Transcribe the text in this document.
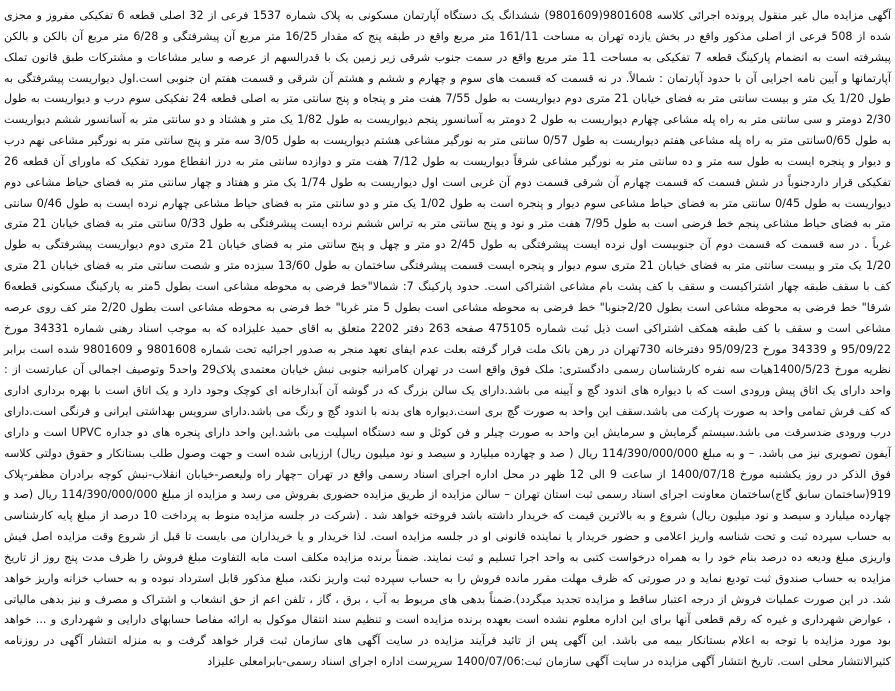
آگهی مزایده مال غیر منقول پرونده اجرائی کلاسه 9801608(9801609) ششدانگ یک دستگاه آپارتمان مسکونی به پلاک شماره 1537 فرعی از 32 اصلی قطعه 6 تفکیکی مفروز و مجزی شده از 508 فرعی از اصلی مذکور واقع در بخش یازده تهران به مساحت 161/11 متر مربع واقع در طبقه پنج که مقدار 16/25 متر مربع آن پیشرفتگی و 6/28 متر مربع آن بالکن و بالکن پیشرفته است به انضمام پارکینگ قطعه 7 تفکیکی به مساحت 11 متر مربع واقع در سمت جنوب شرقی زیر زمین یک با قدرالسهم از عرصه و سایر مشاعات و مشترکات طبق قانون تملک آپارتمانها و آیین نامه اجرایی آن با حدود آپارتمان : شمالاً. در نه قسمت که قسمت های سوم و چهارم و ششم و هشتم آن شرقی و قسمت هفتم ان جنوبی است.اول دیواریست پیشرفتگی به طول 1/20 یک متر و بیست سانتی متر به فضای خیابان 21 متری دوم دیواریست به طول 7/55 هفت متر و پنجاه و پنج سانتی متر به اصلی قطعه 24 تفکیکی سوم درب و دیواریست به طول 2/30 دومتر و سی سانتی متر به راه پله مشاعی چهارم دیواریست به طول 2 دومتر به آسانسور پنجم دیواریست به طول 1/82 یک متر و هشتاد و دو سانتی متر به آسانسور ششم دیواریست به طول 0/65سانتی متر به راه پله مشاعی هفتم دیواریست به طول 0/57 سانتی متر به نورگیر مشاعی هشتم دیواریست به طول 3/05 سه متر و پنج سانتی متر به نورگیر مشاعی نهم درب و دیوار و پنجره ایست به طول سه متر و ده سانتی متر به نورگیر مشاعی شرقاً دیواریست به طول 7/12 هفت متر و دوازده سانتی متر به درز انقطاع مورد تفکیک که ماورای آن قطعه 26 تفکیکی قرار داردجنوباً در شش قسمت که قسمت چهارم آن شرقی قسمت دوم آن غربی است اول دیواریست به طول 1/74 یک متر و هفتاد و چهار سانتی متر به فضای حیاط مشاعی دوم دیواریست به طول 0/45 سانتی متر به فضای حیاط مشاعی سوم دیوار و پنجره است به طول 1/02 یک متر و دو سانتی متر به فضای حیاط مشاعی چهارم نرده ایست به طول 0/46 سانتی متر به فضای حیاط مشاعی پنجم خط فرضی است به طول 7/95 هفت متر و نود و پنج سانتی متر به تراس ششم نرده ایست پیشرفتگی به طول 0/33 سانتی متر به فضای خیابان 21 متری غرباً . در سه قسمت که قسمت دوم آن جنوبیست اول نرده ایست پیشرفتگی به طول 2/45 دو متر و چهل و پنج سانتی متر به فضای خیابان 21 متری دوم دیواریست پیشرفتگی به طول 1/20 یک متر و بیست سانتی متر به فضای خیابان 21 متری سوم دیوار و پنجره ایست قسمت پیشرفتگی ساختمان به طول 13/60 سیزده متر و شصت سانتی متر به فضای خیابان 21 متری کف با سقف طبقه چهار اشتراکیست و سقف با کف پشت بام مشاعی اشتراکی است. حدود پارکینگ 7: شمالا"خط فرضی به محوطه مشاعی است بطول 5متر به پارکینگ مسکونی قطعه6 شرقا" خط فرضی به محوطه مشاعی است بطول 2/20جنوبا" خط فرضی به محوطه مشاعی است بطول 5 متر غربا" خط فرضی به محوطه مشاعی است بطول 2/20 متر کف روی عرصه مشاعی است و سقف با کف طبقه همکف اشتراکی است ذیل ثبت شماره 475105 صفحه 263 دفتر 2202 متعلق به اقای حمید علیزاده که به موجب اسناد رهنی شماره 34331 مورخ 95/09/22 و 34339 مورخ 95/09/23 دفترخانه 730تهران در رهن بانک ملت قرار گرفته بعلت عدم ایفای تعهد منجر به صدور اجرائیه تحت شماره 9801608 و 9801609 شده است برابر نظریه مورخ 1400/5/23هیات سه نفره کارشناسان رسمی دادگستری: ملک فوق واقع است در تهران کامرانیه جنوبی نبش خیابان معتمدی پلاک29 واحد5 وتوصیف اجمالی آن عبارتست از : واحد دارای یک اتاق پیش ورودی است که با دیواره های اندود گچ و آیینه می باشد.دارای یک سالن بزرگ که در گوشه آن آبدارخانه ای کوچک وجود دارد و یک اتاق است با بهره برداری اداری که کف فرش تمامی واحد به صورت پارکت می باشد.سقف این واحد به صورت گچ بری است.دیواره های بدنه با اندود گچ و رنگ می باشد.دارای سرویس بهداشتی ایرانی و فرنگی است.دارای درب ورودی ضدسرقت می باشد.سیستم گرمایش و سرمایش این واحد به صورت چیلر و فن کوئل و سه دستگاه اسپلیت می باشد.این واحد دارای پنجره های دو جداره UPVC است و دارای آیفون تصویری نیز می باشد. – و به مبلغ 114/390/000/000 ریال ( صد و چهارده میلیارد و سیصد و نود میلیون ریال) ارزیابی شده است و جهت وصول طلب بستانکار و حقوق دولتی کلاسه فوق الذکر در روز یکشنبه مورخ 1400/07/18 از ساعت 9 الی 12 ظهر در محل اداره اجرای اسناد رسمی واقع در تهران –چهار راه ولیعصر-خیابان انقلاب-نبش کوچه برادران مظفر-پلاک 919(ساختمان سابق گاج)ساختمان معاونت اجرای اسناد رسمی ثبت استان تهران – سالن مزایده از طریق مزایده حضوری بفروش می رسد و مزایده از مبلغ 114/390/000/000 ریال (صد و چهارده میلیارد و سیصد و نود میلیون ریال) شروع و به بالاترین قیمت که خریدار داشته باشد فروخته خواهد شد . (شرکت در جلسه مزایده منوط به پرداخت 10 درصد از مبلغ پایه کارشناسی به حساب سپرده ثبت و تحت شناسه واریز اعلامی و حضور خریدار یا نماینده قانونی او در جلسه مزایده است. لذا خریدار و یا خریداران می بایست تا قبل از شروع وقت مزایده اصل فیش واریزی مبلغ ودیعه ده درصد بنام خود را به همراه درخواست کتبی به واحد اجرا تسلیم و ثبت نمایند. ضمناً برنده مزایده مکلف است مابه التفاوت مبلغ فروش را ظرف مدت پنج روز از تاریخ مزایده به حساب صندوق ثبت تودیع نماید و در صورتی که ظرف مهلت مقرر مانده فروش را به حساب سپرده ثبت واریز نکند، مبلغ مذکور قابل استرداد نبوده و به حساب خزانه واریز خواهد شد. در این صورت عملیات فروش از درجه اعتبار ساقط و مزایده تجدید میگردد).ضمناً بدهی های مربوط به آب ، برق ، گاز ، تلفن اعم از حق انشعاب و اشتراک و مصرف و نیز بدهی مالیاتی ، عوارض شهرداری و غیره که رقم قطعی آنها برای این اداره معلوم نشده است بعهده برنده مزایده است و تنظیم سند انتقال موکول به ارائه مفاصا حسابهای دارایی و شهرداری و ... خواهد بود مورد مزایده با توجه به اعلام بستانکار بیمه می باشد. این آگهی پس از تائید فرآیند مزایده در سایت آگهی های سازمان ثبت قرار خواهد گرفت و به منزله انتشار آگهی در روزنامه کثیرالانتشار محلی است. تاریخ انتشار آگهی مزایده در سایت آگهی سازمان ثبت:1400/07/06 سرپرست اداره اجرای اسناد رسمی-بابرامعلی علیزاد
